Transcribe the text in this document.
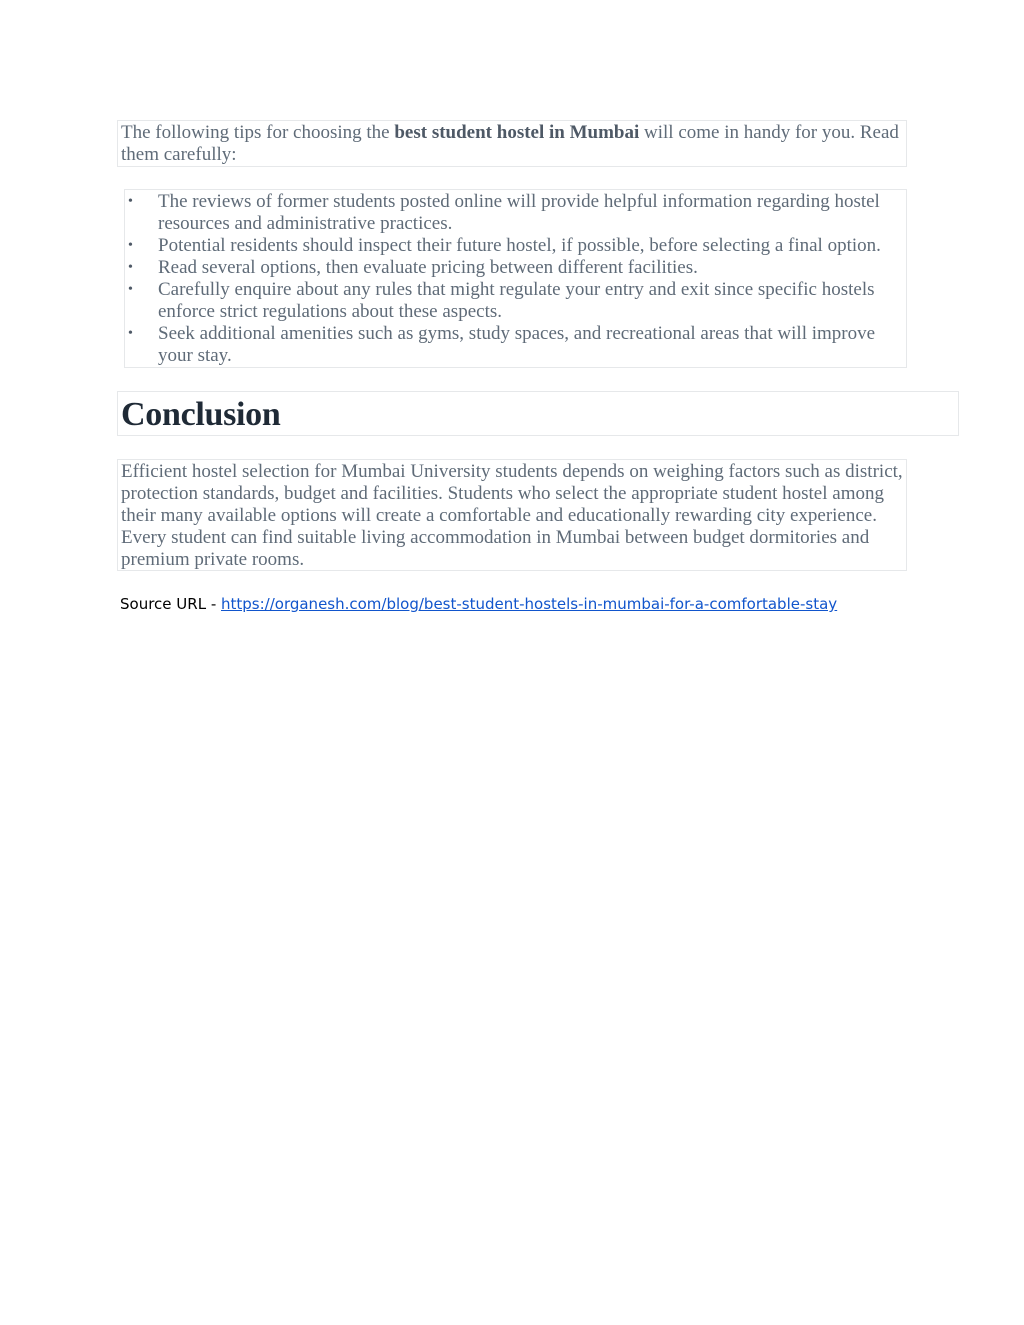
The following tips for choosing the best student hostel in Mumbai will come in handy for you. Read them carefully:
• The reviews of former students posted online will provide helpful information regarding hostel resources and administrative practices.
• Potential residents should inspect their future hostel, if possible, before selecting a final option.
• Read several options, then evaluate pricing between different facilities.
• Carefully enquire about any rules that might regulate your entry and exit since specific hostels enforce strict regulations about these aspects.
• Seek additional amenities such as gyms, study spaces, and recreational areas that will improve your stay.
Conclusion
Efficient hostel selection for Mumbai University students depends on weighing factors such as district, protection standards, budget and facilities. Students who select the appropriate student hostel among their many available options will create a comfortable and educationally rewarding city experience. Every student can find suitable living accommodation in Mumbai between budget dormitories and premium private rooms.
Source URL - https://organesh.com/blog/best-student-hostels-in-mumbai-for-a-comfortable-stay
